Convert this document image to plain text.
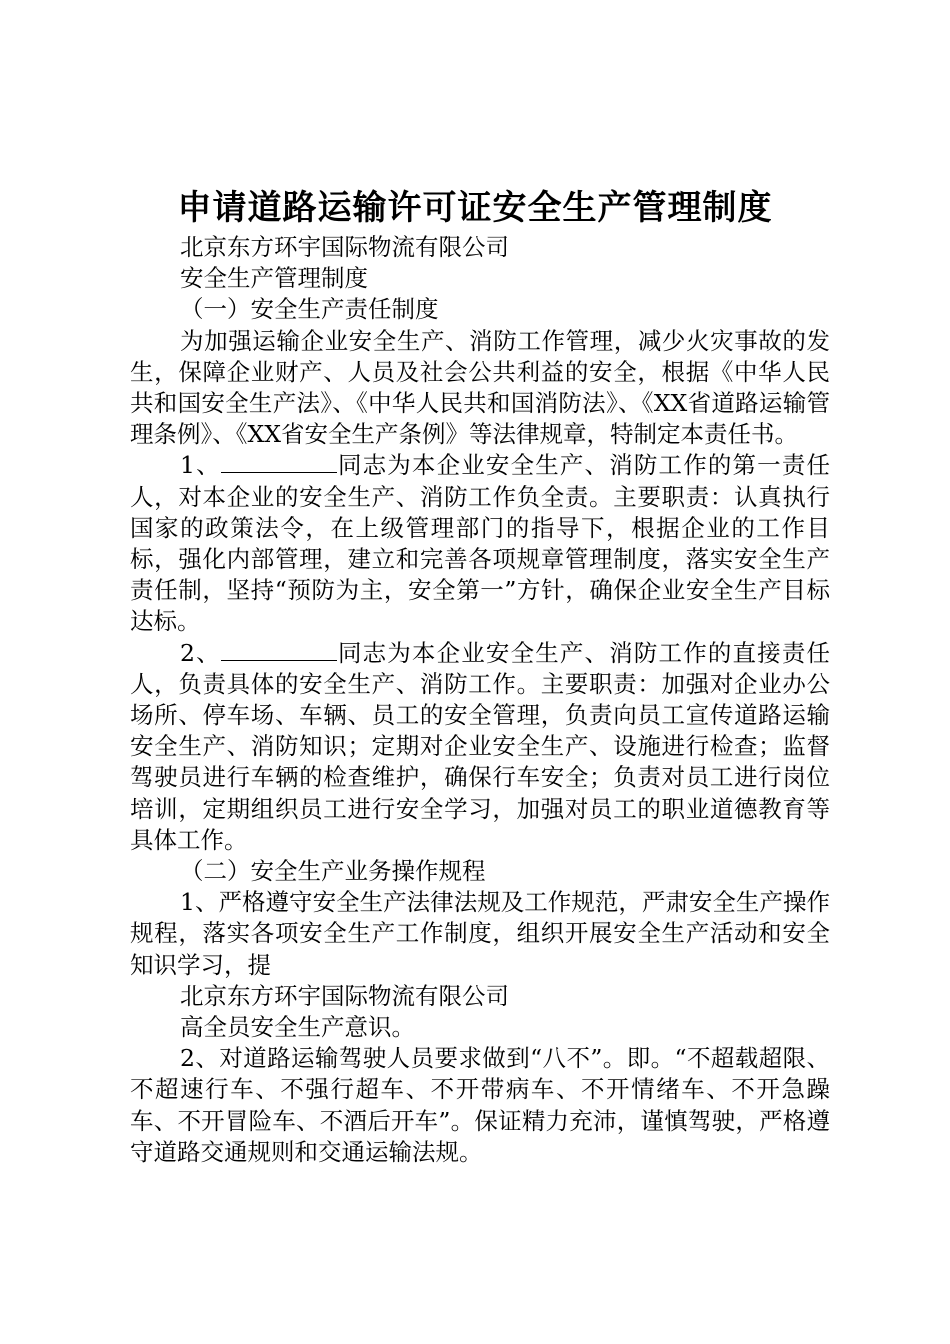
申请道路运输许可证安全生产管理制度

北京东方环宇国际物流有限公司

安全生产管理制度

（一）安全生产责任制度

为加强运输企业安全生产、消防工作管理，减少火灾事故的发生，保障企业财产、人员及社会公共利益的安全，根据《中华人民共和国安全生产法》、《中华人民共和国消防法》、《XX省道路运输管理条例》、《XX省安全生产条例》等法律规章，特制定本责任书。

1、	同志为本企业安全生产、消防工作的第一责任人，对本企业的安全生产、消防工作负全责。主要职责：认真执行国家的政策法令，在上级管理部门的指导下，根据企业的工作目标，强化内部管理，建立和完善各项规章管理制度，落实安全生产责任制，坚持“预防为主，安全第一”方针，确保企业安全生产目标达标。

2、	同志为本企业安全生产、消防工作的直接责任人，负责具体的安全生产、消防工作。主要职责：加强对企业办公场所、停车场、车辆、员工的安全管理，负责向员工宣传道路运输安全生产、消防知识；定期对企业安全生产、设施进行检查；监督驾驶员进行车辆的检查维护，确保行车安全；负责对员工进行岗位培训，定期组织员工进行安全学习，加强对员工的职业道德教育等具体工作。

（二）安全生产业务操作规程

1、严格遵守安全生产法律法规及工作规范，严肃安全生产操作规程，落实各项安全生产工作制度，组织开展安全生产活动和安全知识学习，提

北京东方环宇国际物流有限公司

高全员安全生产意识。

2、对道路运输驾驶人员要求做到“八不”。即。“不超载超限、不超速行车、不强行超车、不开带病车、不开情绪车、不开急躁车、不开冒险车、不酒后开车”。保证精力充沛，谨慎驾驶，严格遵守道路交通规则和交通运输法规。
